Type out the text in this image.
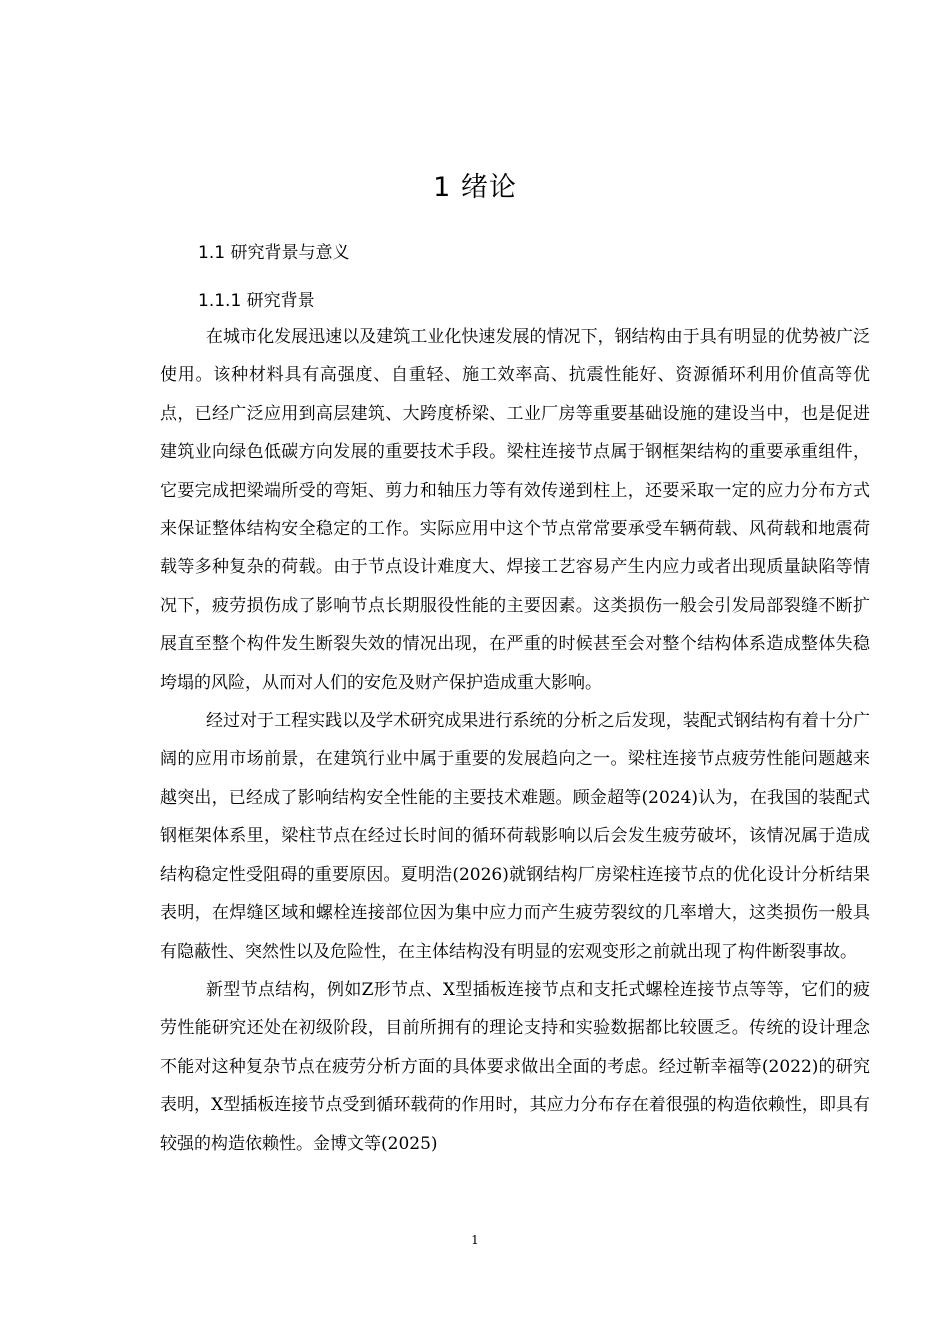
1 绪论
1.1 研究背景与意义
1.1.1 研究背景

在城市化发展迅速以及建筑工业化快速发展的情况下，钢结构由于具有明显的优势被广泛使用。该种材料具有高强度、自重轻、施工效率高、抗震性能好、资源循环利用价值高等优点，已经广泛应用到高层建筑、大跨度桥梁、工业厂房等重要基础设施的建设当中，也是促进建筑业向绿色低碳方向发展的重要技术手段。梁柱连接节点属于钢框架结构的重要承重组件，它要完成把梁端所受的弯矩、剪力和轴压力等有效传递到柱上，还要采取一定的应力分布方式来保证整体结构安全稳定的工作。实际应用中这个节点常常要承受车辆荷载、风荷载和地震荷载等多种复杂的荷载。由于节点设计难度大、焊接工艺容易产生内应力或者出现质量缺陷等情况下，疲劳损伤成了影响节点长期服役性能的主要因素。这类损伤一般会引发局部裂缝不断扩展直至整个构件发生断裂失效的情况出现，在严重的时候甚至会对整个结构体系造成整体失稳垮塌的风险，从而对人们的安危及财产保护造成重大影响。

经过对于工程实践以及学术研究成果进行系统的分析之后发现，装配式钢结构有着十分广阔的应用市场前景，在建筑行业中属于重要的发展趋向之一。梁柱连接节点疲劳性能问题越来越突出，已经成了影响结构安全性能的主要技术难题。顾金超等(2024)认为，在我国的装配式钢框架体系里，梁柱节点在经过长时间的循环荷载影响以后会发生疲劳破坏，该情况属于造成结构稳定性受阻碍的重要原因。夏明浩(2026)就钢结构厂房梁柱连接节点的优化设计分析结果表明，在焊缝区域和螺栓连接部位因为集中应力而产生疲劳裂纹的几率增大，这类损伤一般具有隐蔽性、突然性以及危险性，在主体结构没有明显的宏观变形之前就出现了构件断裂事故。

新型节点结构，例如Z形节点、X型插板连接节点和支托式螺栓连接节点等等，它们的疲劳性能研究还处在初级阶段，目前所拥有的理论支持和实验数据都比较匮乏。传统的设计理念不能对这种复杂节点在疲劳分析方面的具体要求做出全面的考虑。经过靳幸福等(2022)的研究表明，X型插板连接节点受到循环载荷的作用时，其应力分布存在着很强的构造依赖性，即具有较强的构造依赖性。金博文等(2025)

1
